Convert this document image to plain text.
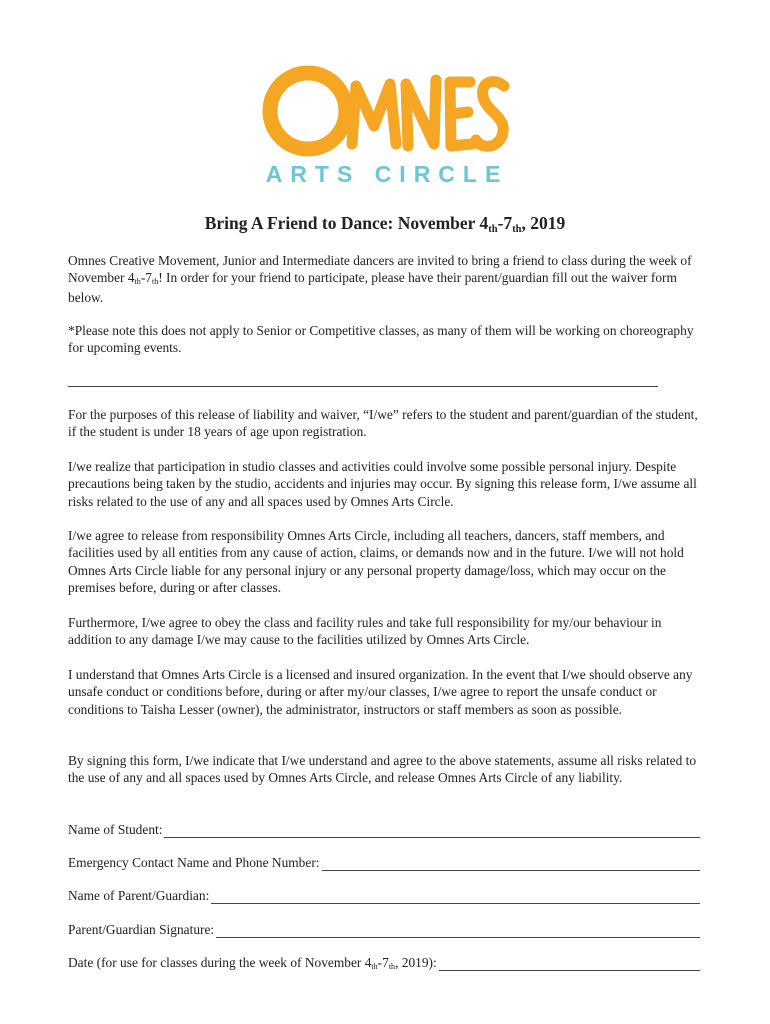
ARTS CIRCLE
Bring A Friend to Dance: November 4th-7th, 2019

Omnes Creative Movement, Junior and Intermediate dancers are invited to bring a friend to class during the week of November 4th-7th! In order for your friend to participate, please have their parent/guardian fill out the waiver form below.

*Please note this does not apply to Senior or Competitive classes, as many of them will be working on choreography for upcoming events.

For the purposes of this release of liability and waiver, “I/we” refers to the student and parent/guardian of the student, if the student is under 18 years of age upon registration.

I/we realize that participation in studio classes and activities could involve some possible personal injury. Despite precautions being taken by the studio, accidents and injuries may occur. By signing this release form, I/we assume all risks related to the use of any and all spaces used by Omnes Arts Circle.

I/we agree to release from responsibility Omnes Arts Circle, including all teachers, dancers, staff members, and facilities used by all entities from any cause of action, claims, or demands now and in the future. I/we will not hold Omnes Arts Circle liable for any personal injury or any personal property damage/loss, which may occur on the premises before, during or after classes.

Furthermore, I/we agree to obey the class and facility rules and take full responsibility for my/our behaviour in addition to any damage I/we may cause to the facilities utilized by Omnes Arts Circle.

I understand that Omnes Arts Circle is a licensed and insured organization. In the event that I/we should observe any unsafe conduct or conditions before, during or after my/our classes, I/we agree to report the unsafe conduct or conditions to Taisha Lesser (owner), the administrator, instructors or staff members as soon as possible.

By signing this form, I/we indicate that I/we understand and agree to the above statements, assume all risks related to the use of any and all spaces used by Omnes Arts Circle, and release Omnes Arts Circle of any liability.

Name of Student:
Emergency Contact Name and Phone Number:
Name of Parent/Guardian:
Parent/Guardian Signature:
Date (for use for classes during the week of November 4th-7th, 2019):
